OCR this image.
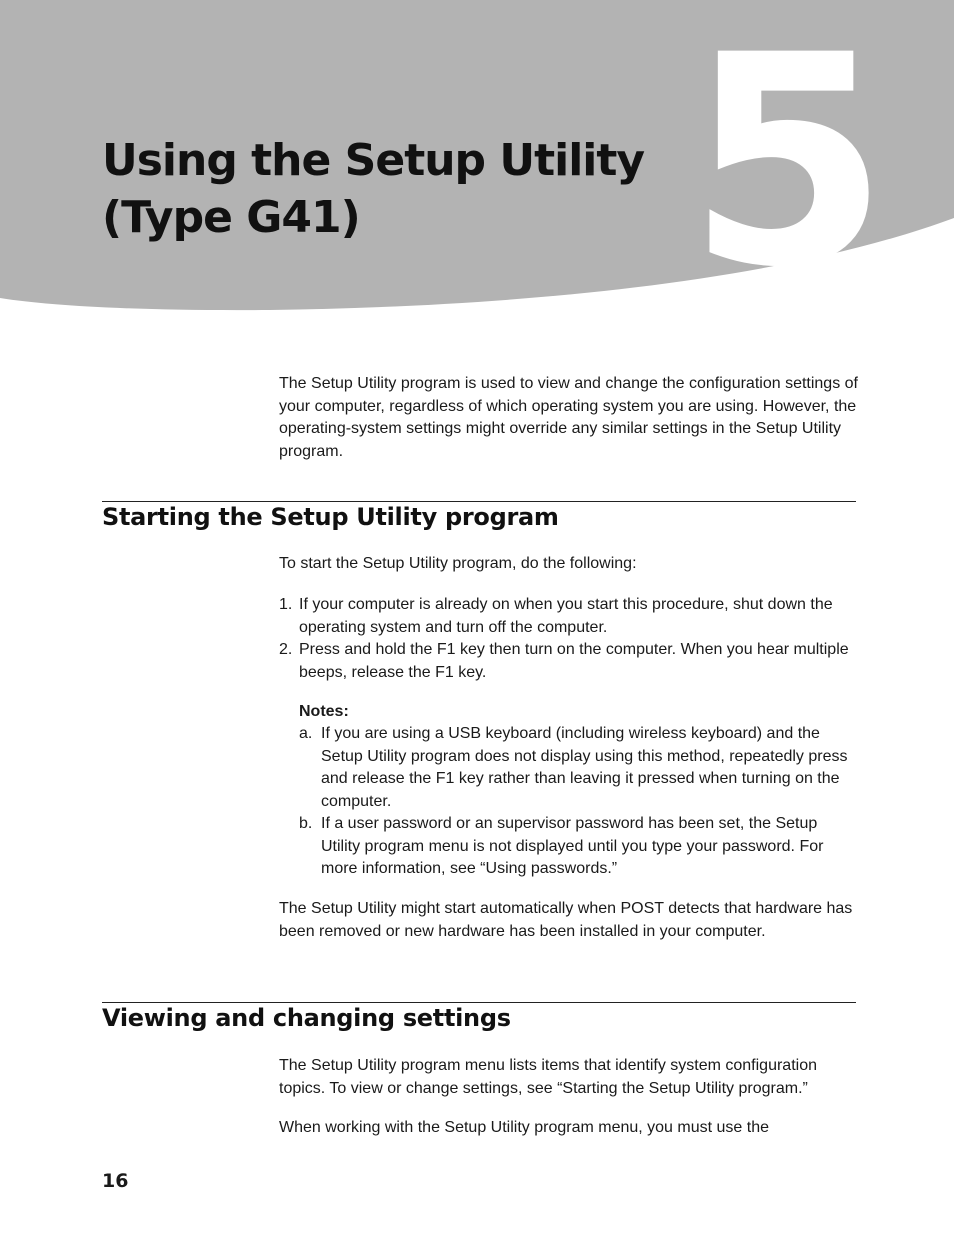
5
Using the Setup Utility
(Type G41)

The Setup Utility program is used to view and change the configuration settings of your computer, regardless of which operating system you are using. However, the operating-system settings might override any similar settings in the Setup Utility program.

Starting the Setup Utility program

To start the Setup Utility program, do the following:

1. If your computer is already on when you start this procedure, shut down the operating system and turn off the computer.
2. Press and hold the F1 key then turn on the computer. When you hear multiple beeps, release the F1 key.

Notes:

a. If you are using a USB keyboard (including wireless keyboard) and the Setup Utility program does not display using this method, repeatedly press and release the F1 key rather than leaving it pressed when turning on the computer.
b. If a user password or an supervisor password has been set, the Setup Utility program menu is not displayed until you type your password. For more information, see “Using passwords.”

The Setup Utility might start automatically when POST detects that hardware has been removed or new hardware has been installed in your computer.

Viewing and changing settings

The Setup Utility program menu lists items that identify system configuration topics. To view or change settings, see “Starting the Setup Utility program.”

When working with the Setup Utility program menu, you must use the

16
